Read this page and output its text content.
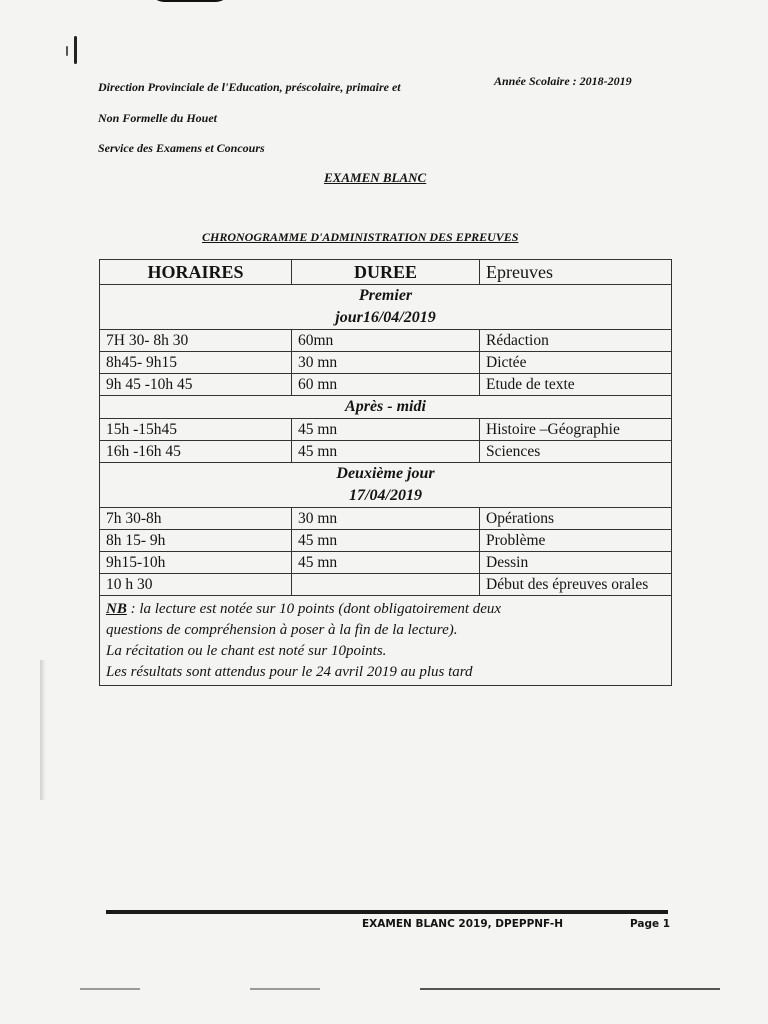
Direction Provinciale de l'Education, préscolaire, primaire et	Année Scolaire : 2018-2019
Non Formelle du Houet
Service des Examens et Concours
EXAMEN BLANC
CHRONOGRAMME D'ADMINISTRATION DES EPREUVES
HORAIRES	DUREE	Epreuves
Premier
jour16/04/2019		
7H 30- 8h 30	60mn	Rédaction
8h45- 9h15	30 mn	Dictée
9h 45 -10h 45	60 mn	Etude de texte
Après - midi		
15h -15h45	45 mn	Histoire –Géographie
16h -16h 45	45 mn	Sciences
Deuxième jour
17/04/2019		
7h 30-8h	30 mn	Opérations
8h 15- 9h	45 mn	Problème
9h15-10h	45 mn	Dessin
10 h 30		Début des épreuves orales
NB : la lecture est notée sur 10 points (dont obligatoirement deux
questions de compréhension à poser à la fin de la lecture).
La récitation ou le chant est noté sur 10points.
Les résultats sont attendus pour le 24 avril 2019 au plus tard		
EXAMEN BLANC 2019, DPEPPNF-H	Page 1
